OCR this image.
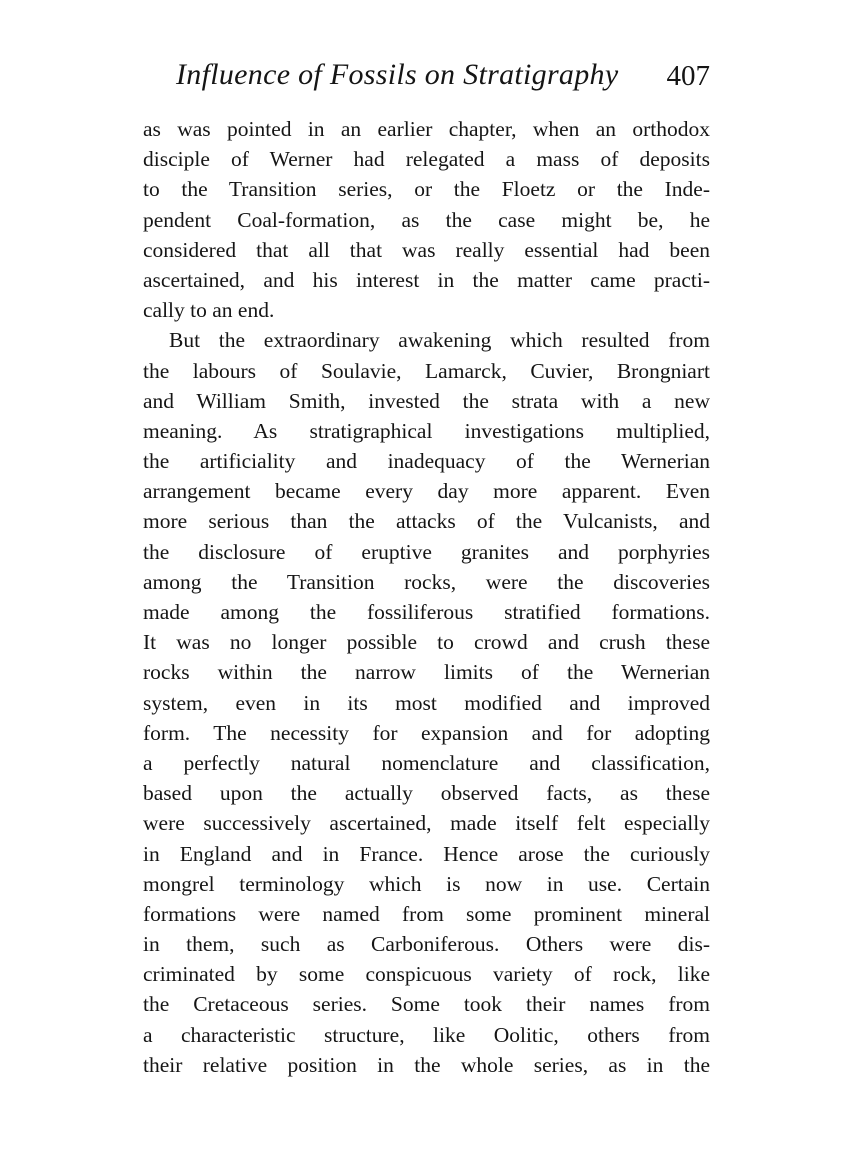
Influence of Fossils on Stratigraphy 407
as was pointed in an earlier chapter, when an orthodox
disciple of Werner had relegated a mass of deposits
to the Transition series, or the Floetz or the Inde-
pendent Coal-formation, as the case might be, he
considered that all that was really essential had been
ascertained, and his interest in the matter came practi-
cally to an end.
But the extraordinary awakening which resulted from
the labours of Soulavie, Lamarck, Cuvier, Brongniart
and William Smith, invested the strata with a new
meaning. As stratigraphical investigations multiplied,
the artificiality and inadequacy of the Wernerian
arrangement became every day more apparent. Even
more serious than the attacks of the Vulcanists, and
the disclosure of eruptive granites and porphyries
among the Transition rocks, were the discoveries
made among the fossiliferous stratified formations.
It was no longer possible to crowd and crush these
rocks within the narrow limits of the Wernerian
system, even in its most modified and improved
form. The necessity for expansion and for adopting
a perfectly natural nomenclature and classification,
based upon the actually observed facts, as these
were successively ascertained, made itself felt especially
in England and in France. Hence arose the curiously
mongrel terminology which is now in use. Certain
formations were named from some prominent mineral
in them, such as Carboniferous. Others were dis-
criminated by some conspicuous variety of rock, like
the Cretaceous series. Some took their names from
a characteristic structure, like Oolitic, others from
their relative position in the whole series, as in the
